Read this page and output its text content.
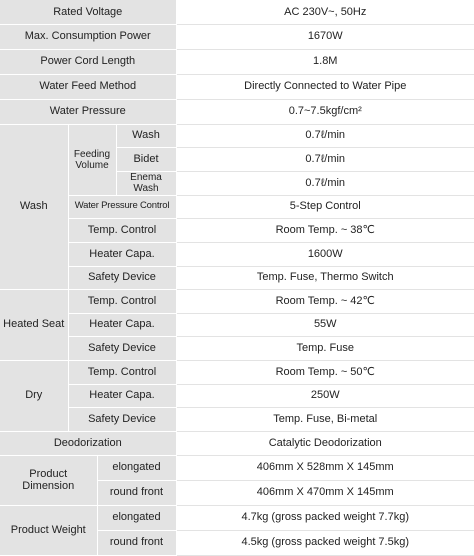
Rated Voltage				AC 230V~, 50Hz
Max. Consumption Power				1670W
Power Cord Length				1.8M
Water Feed Method				Directly Connected to Water Pipe
Water Pressure				0.7~7.5kgf/cm²
Wash	Feeding Volume		Wash	0.7ℓ/min
			Bidet	0.7ℓ/min
			Enema Wash	0.7ℓ/min
	Water Pressure Control			5-Step Control
	Temp. Control			Room Temp. ~ 38℃
	Heater Capa.			1600W
	Safety Device			Temp. Fuse, Thermo Switch
Heated Seat	Temp. Control			Room Temp. ~ 42℃
	Heater Capa.			55W
	Safety Device			Temp. Fuse
Dry	Temp. Control			Room Temp. ~ 50℃
	Heater Capa.			250W
	Safety Device			Temp. Fuse, Bi-metal
Deodorization				Catalytic Deodorization
Product Dimension		elongated		406mm X 528mm X 145mm
		round front		406mm X 470mm X 145mm
Product Weight		elongated		4.7kg (gross packed weight 7.7kg)
		round front		4.5kg (gross packed weight 7.5kg)
